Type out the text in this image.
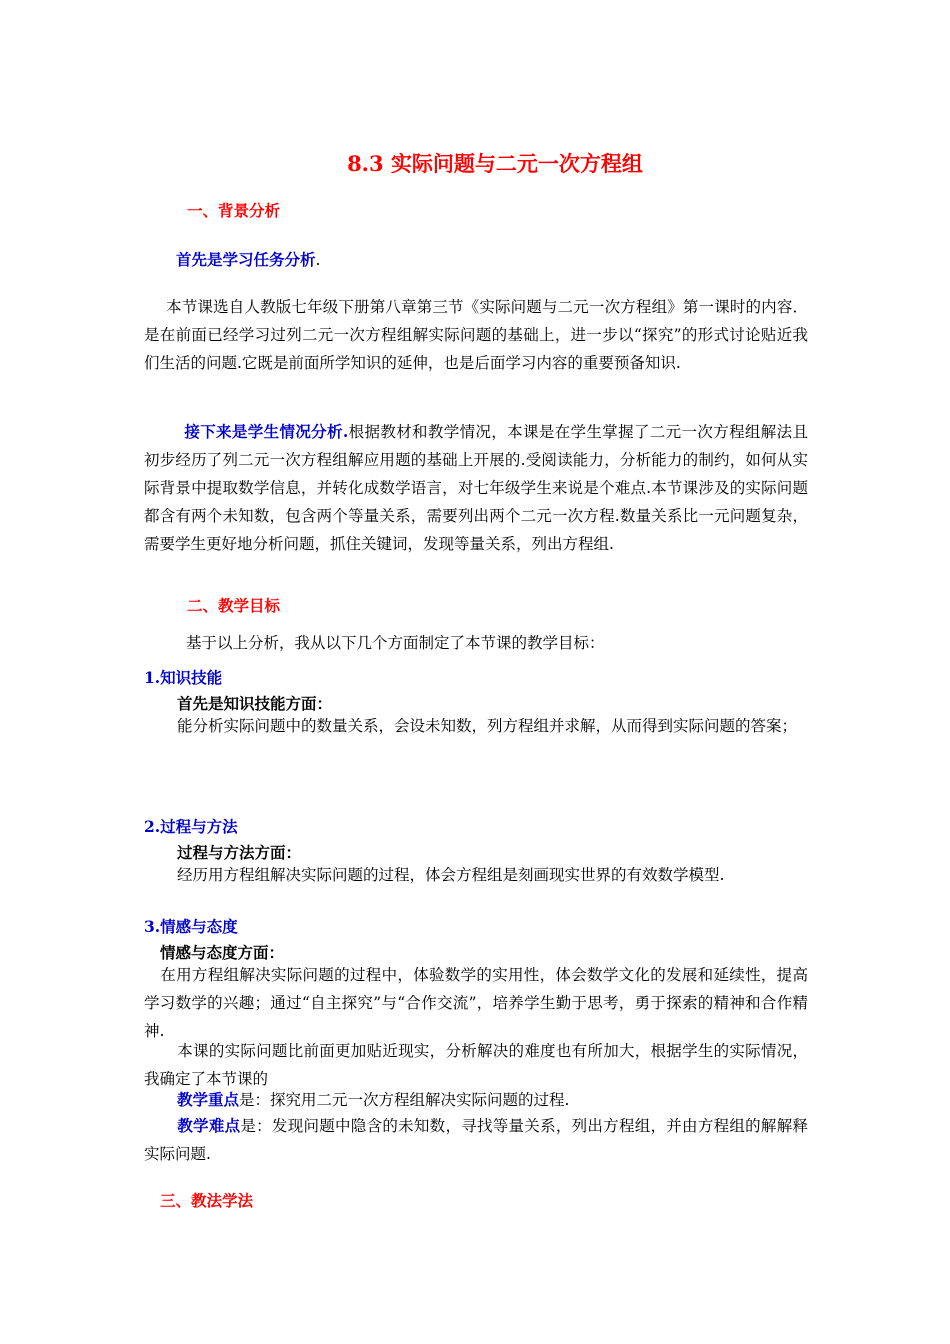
8.3 实际问题与二元一次方程组
一、背景分析
首先是学习任务分析.
本节课选自人教版七年级下册第八章第三节《实际问题与二元一次方程组》第一课时的内容．是在前面已经学习过列二元一次方程组解实际问题的基础上，进一步以“探究”的形式讨论贴近我们生活的问题.它既是前面所学知识的延伸，也是后面学习内容的重要预备知识.
接下来是学生情况分析.根据教材和教学情况，本课是在学生掌握了二元一次方程组解法且初步经历了列二元一次方程组解应用题的基础上开展的.受阅读能力，分析能力的制约，如何从实际背景中提取数学信息，并转化成数学语言，对七年级学生来说是个难点.本节课涉及的实际问题都含有两个未知数，包含两个等量关系，需要列出两个二元一次方程.数量关系比一元问题复杂，需要学生更好地分析问题，抓住关键词，发现等量关系，列出方程组.
二、教学目标
基于以上分析，我从以下几个方面制定了本节课的教学目标：
1.知识技能
首先是知识技能方面：
能分析实际问题中的数量关系，会设未知数，列方程组并求解，从而得到实际问题的答案；
2.过程与方法
过程与方法方面：
经历用方程组解决实际问题的过程，体会方程组是刻画现实世界的有效数学模型.
3.情感与态度
情感与态度方面：
在用方程组解决实际问题的过程中，体验数学的实用性，体会数学文化的发展和延续性，提高学习数学的兴趣；通过“自主探究”与“合作交流”，培养学生勤于思考，勇于探索的精神和合作精神.
本课的实际问题比前面更加贴近现实，分析解决的难度也有所加大，根据学生的实际情况，我确定了本节课的
教学重点是：探究用二元一次方程组解决实际问题的过程.
教学难点是：发现问题中隐含的未知数，寻找等量关系，列出方程组，并由方程组的解解释实际问题.
三、教法学法
